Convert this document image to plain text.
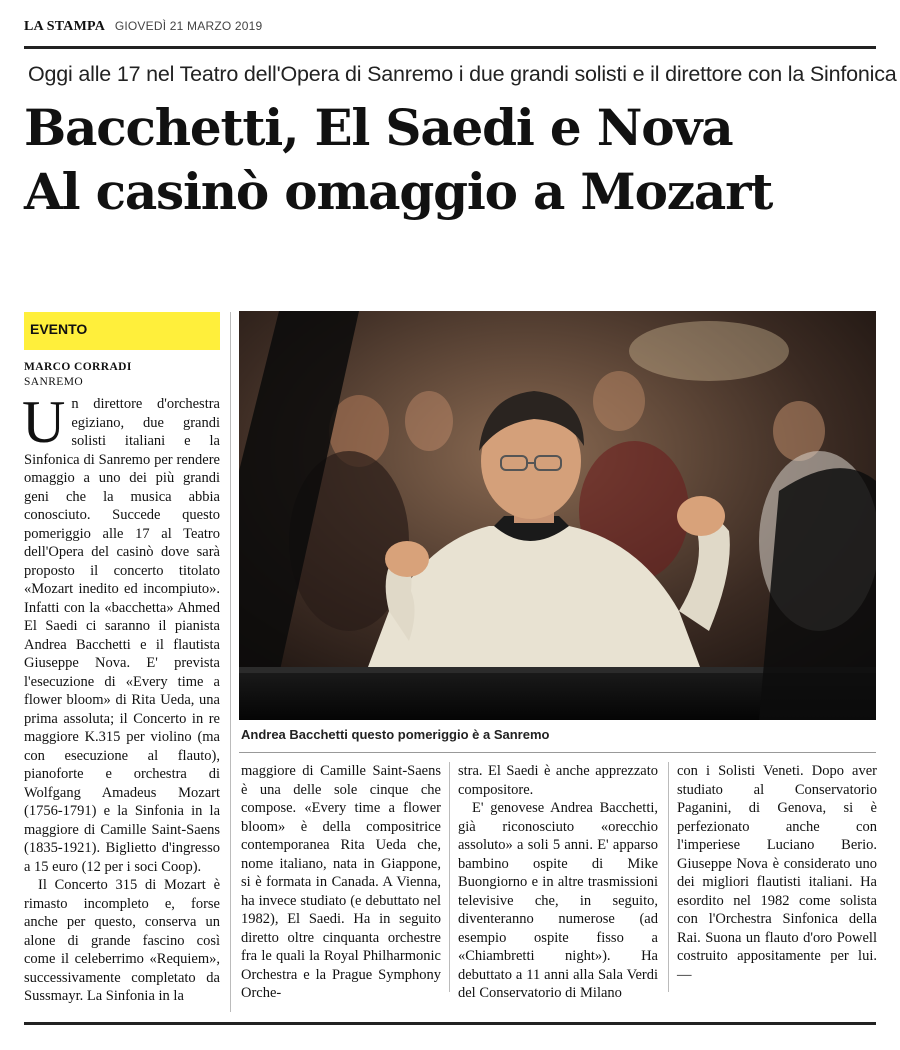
LA STAMPA GIOVEDÌ 21 MARZO 2019
Oggi alle 17 nel Teatro dell'Opera di Sanremo i due grandi solisti e il direttore con la Sinfonica
Bacchetti, El Saedi e Nova
Al casinò omaggio a Mozart
EVENTO
MARCO CORRADI
SANREMO

Un direttore d'orchestra egiziano, due grandi solisti italiani e la Sinfonica di Sanremo per rendere omaggio a uno dei più grandi geni che la musica abbia conosciuto. Succede questo pomeriggio alle 17 al Teatro dell'Opera del casinò dove sarà proposto il concerto titolato «Mozart inedito ed incompiuto». Infatti con la «bacchetta» Ahmed El Saedi ci saranno il pianista Andrea Bacchetti e il flautista Giuseppe Nova. E' prevista l'esecuzione di «Every time a flower bloom» di Rita Ueda, una prima assoluta; il Concerto in re maggiore K.315 per violino (ma con esecuzione al flauto), pianoforte e orchestra di Wolfgang Amadeus Mozart (1756-1791) e la Sinfonia in la maggiore di Camille Saint-Saens (1835-1921). Biglietto d'ingresso a 15 euro (12 per i soci Coop).

Il Concerto 315 di Mozart è rimasto incompleto e, forse anche per questo, conserva un alone di grande fascino così come il celeberrimo «Requiem», successivamente completato da Sussmayr. La Sinfonia in la

Andrea Bacchetti questo pomeriggio è a Sanremo

maggiore di Camille Saint-Saens è una delle sole cinque che compose. «Every time a flower bloom» è della compositrice contemporanea Rita Ueda che, nome italiano, nata in Giappone, si è formata in Canada. A Vienna, ha invece studiato (e debuttato nel 1982), El Saedi. Ha in seguito diretto oltre cinquanta orchestre fra le quali la Royal Philharmonic Orchestra e la Prague Symphony Orche-

stra. El Saedi è anche apprezzato compositore.

E' genovese Andrea Bacchetti, già riconosciuto «orecchio assoluto» a soli 5 anni. E' apparso bambino ospite di Mike Buongiorno e in altre trasmissioni televisive che, in seguito, diventeranno numerose (ad esempio ospite fisso a «Chiambretti night»). Ha debuttato a 11 anni alla Sala Verdi del Conservatorio di Milano

con i Solisti Veneti. Dopo aver studiato al Conservatorio Paganini, di Genova, si è perfezionato anche con l'imperiese Luciano Berio. Giuseppe Nova è considerato uno dei migliori flautisti italiani. Ha esordito nel 1982 come solista con l'Orchestra Sinfonica della Rai. Suona un flauto d'oro Powell costruito appositamente per lui. —
